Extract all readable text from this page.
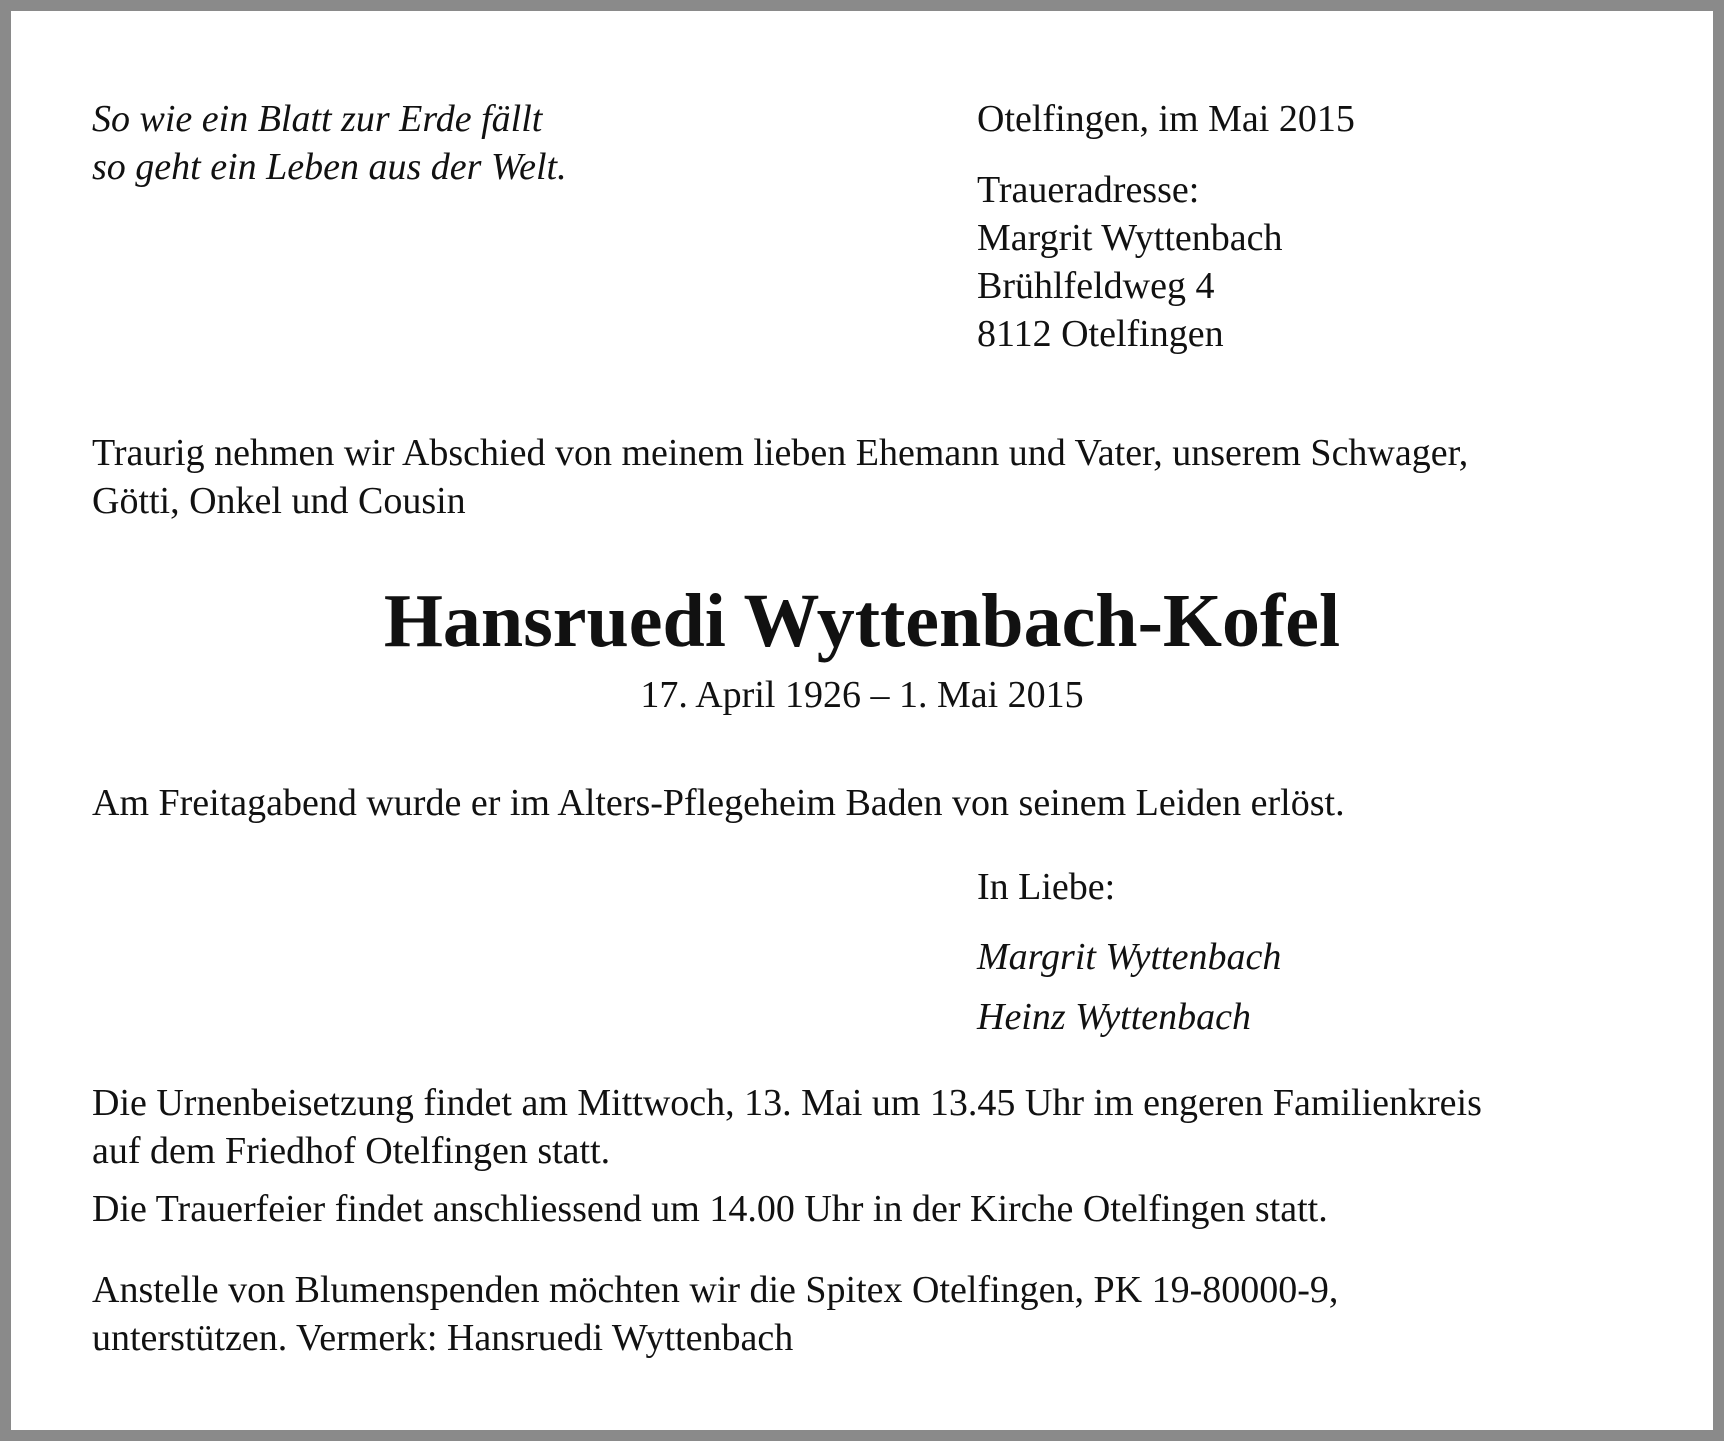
So wie ein Blatt zur Erde fällt
so geht ein Leben aus der Welt.
Otelfingen, im Mai 2015
Traueradresse:
Margrit Wyttenbach
Brühlfeldweg 4
8112 Otelfingen
Traurig nehmen wir Abschied von meinem lieben Ehemann und Vater, unserem Schwager,
Götti, Onkel und Cousin
Hansruedi Wyttenbach-Kofel
17. April 1926 – 1. Mai 2015
Am Freitagabend wurde er im Alters-Pflegeheim Baden von seinem Leiden erlöst.
In Liebe:
Margrit Wyttenbach
Heinz Wyttenbach
Die Urnenbeisetzung findet am Mittwoch, 13. Mai um 13.45 Uhr im engeren Familienkreis
auf dem Friedhof Otelfingen statt.
Die Trauerfeier findet anschliessend um 14.00 Uhr in der Kirche Otelfingen statt.
Anstelle von Blumenspenden möchten wir die Spitex Otelfingen, PK 19-80000-9,
unterstützen. Vermerk: Hansruedi Wyttenbach
